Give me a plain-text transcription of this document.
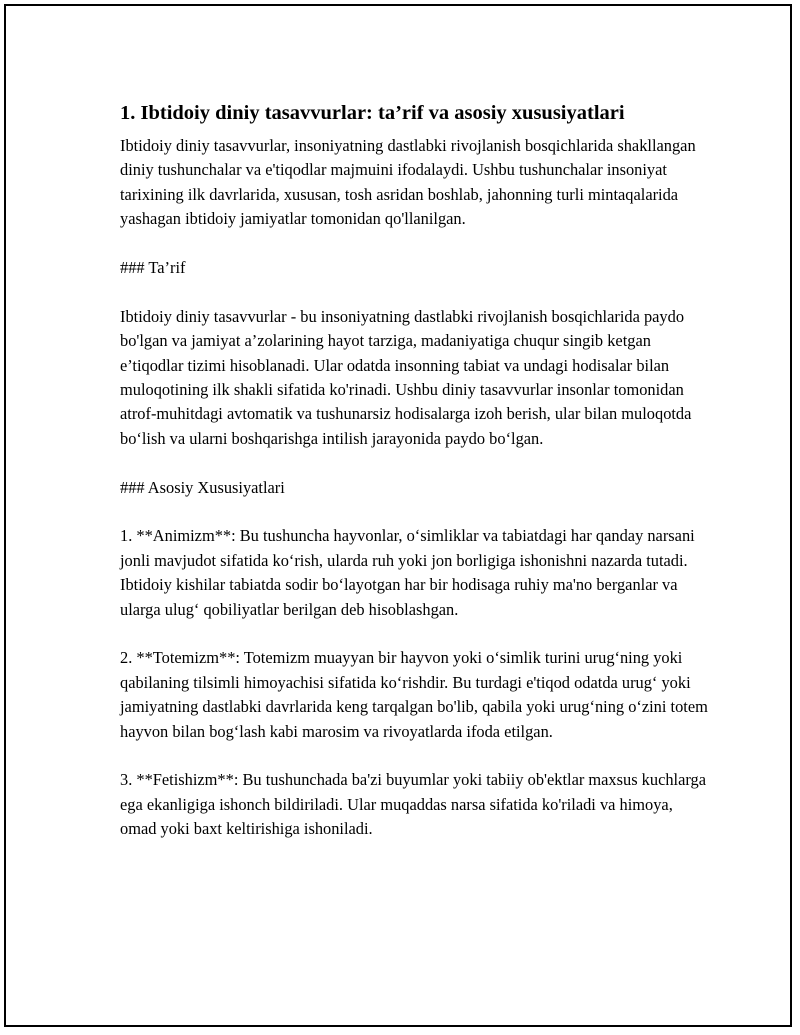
1. Ibtidoiy diniy tasavvurlar: ta’rif va asosiy xususiyatlari

Ibtidoiy diniy tasavvurlar, insoniyatning dastlabki rivojlanish bosqichlarida shakllangan diniy tushunchalar va e'tiqodlar majmuini ifodalaydi. Ushbu tushunchalar insoniyat tarixining ilk davrlarida, xususan, tosh asridan boshlab, jahonning turli mintaqalarida yashagan ibtidoiy jamiyatlar tomonidan qo'llanilgan.

### Ta’rif

Ibtidoiy diniy tasavvurlar - bu insoniyatning dastlabki rivojlanish bosqichlarida paydo bo'lgan va jamiyat a’zolarining hayot tarziga, madaniyatiga chuqur singib ketgan e’tiqodlar tizimi hisoblanadi. Ular odatda insonning tabiat va undagi hodisalar bilan muloqotining ilk shakli sifatida ko'rinadi. Ushbu diniy tasavvurlar insonlar tomonidan atrof-muhitdagi avtomatik va tushunarsiz hodisalarga izoh berish, ular bilan muloqotda bo‘lish va ularni boshqarishga intilish jarayonida paydo bo‘lgan.

### Asosiy Xususiyatlari

1. **Animizm**: Bu tushuncha hayvonlar, o‘simliklar va tabiatdagi har qanday narsani jonli mavjudot sifatida ko‘rish, ularda ruh yoki jon borligiga ishonishni nazarda tutadi. Ibtidoiy kishilar tabiatda sodir bo‘layotgan har bir hodisaga ruhiy ma'no berganlar va ularga ulug‘ qobiliyatlar berilgan deb hisoblashgan.

2. **Totemizm**: Totemizm muayyan bir hayvon yoki o‘simlik turini urug‘ning yoki qabilaning tilsimli himoyachisi sifatida ko‘rishdir. Bu turdagi e'tiqod odatda urug‘ yoki jamiyatning dastlabki davrlarida keng tarqalgan bo'lib, qabila yoki urug‘ning o‘zini totem hayvon bilan bog‘lash kabi marosim va rivoyatlarda ifoda etilgan.

3. **Fetishizm**: Bu tushunchada ba'zi buyumlar yoki tabiiy ob'ektlar maxsus kuchlarga ega ekanligiga ishonch bildiriladi. Ular muqaddas narsa sifatida ko'riladi va himoya, omad yoki baxt keltirishiga ishoniladi.
